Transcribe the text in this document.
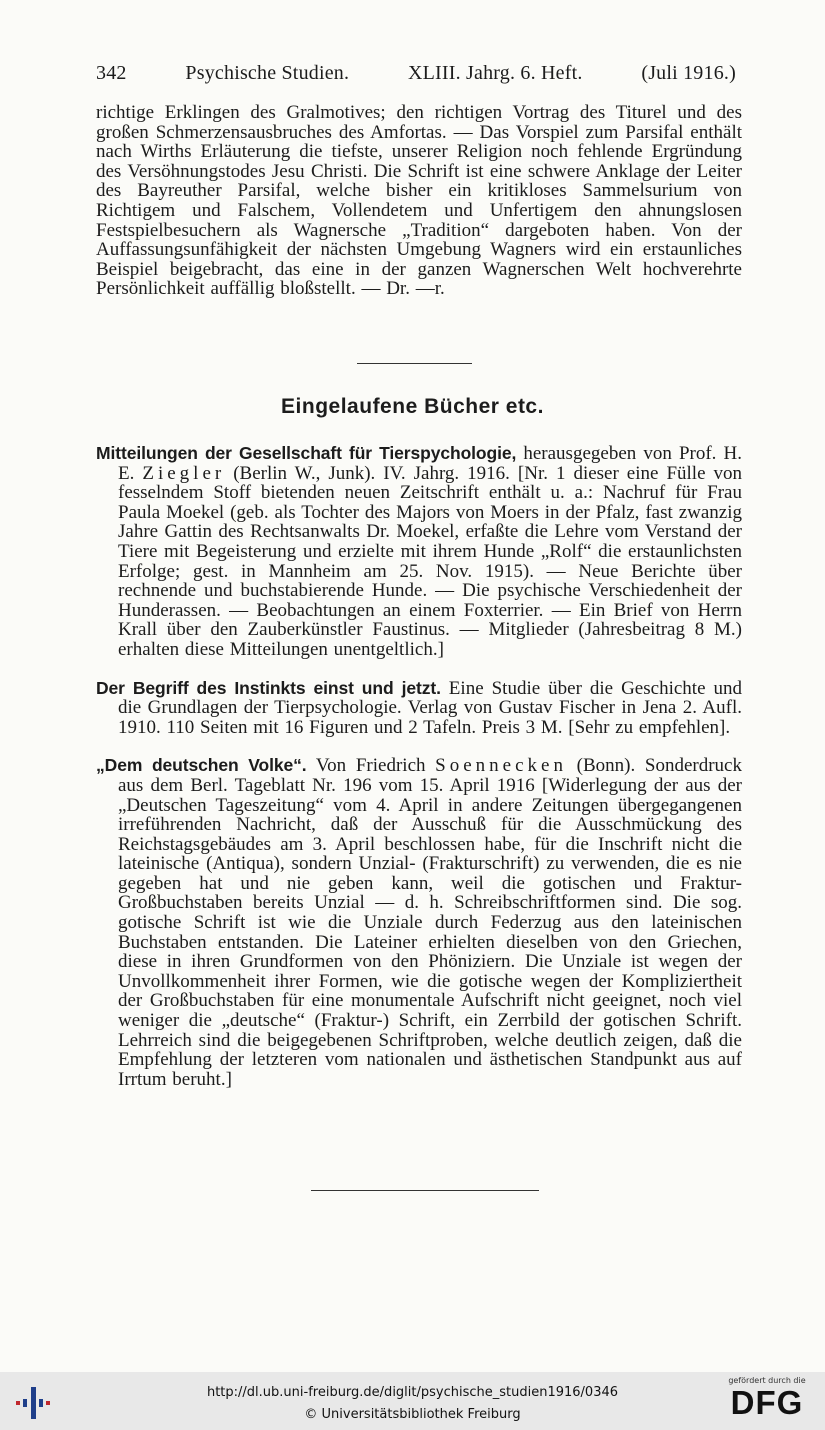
342	Psychische Studien.	XLIII. Jahrg. 6. Heft.	(Juli 1916.)
richtige Erklingen des Gralmotives; den richtigen Vortrag des Titurel und des großen Schmerzensausbruches des Amfortas. — Das Vorspiel zum Parsifal enthält nach Wirths Erläuterung die tiefste, unserer Religion noch fehlende Ergründung des Versöhnungstodes Jesu Christi. Die Schrift ist eine schwere Anklage der Leiter des Bayreuther Parsifal, welche bisher ein kritikloses Sammelsurium von Richtigem und Falschem, Vollendetem und Unfertigem den ahnungslosen Festspielbesuchern als Wagnersche „Tradition“ dargeboten haben. Von der Auffassungsunfähigkeit der nächsten Umgebung Wagners wird ein erstaunliches Beispiel beigebracht, das eine in der ganzen Wagnerschen Welt hochverehrte Persönlichkeit auffällig bloßstellt. — Dr. —r.
Eingelaufene Bücher etc.

Mitteilungen der Gesellschaft für Tierspychologie, herausgegeben von Prof. H. E. Ziegler (Berlin W., Junk). IV. Jahrg. 1916. [Nr. 1 dieser eine Fülle von fesselndem Stoff bietenden neuen Zeitschrift enthält u. a.: Nachruf für Frau Paula Moekel (geb. als Tochter des Majors von Moers in der Pfalz, fast zwanzig Jahre Gattin des Rechtsanwalts Dr. Moekel, erfaßte die Lehre vom Verstand der Tiere mit Begeisterung und erzielte mit ihrem Hunde „Rolf“ die erstaunlichsten Erfolge; gest. in Mannheim am 25. Nov. 1915). — Neue Berichte über rechnende und buchstabierende Hunde. — Die psychische Verschiedenheit der Hunderassen. — Beobachtungen an einem Foxterrier. — Ein Brief von Herrn Krall über den Zauberkünstler Faustinus. — Mitglieder (Jahresbeitrag 8 M.) erhalten diese Mitteilungen unentgeltlich.]

Der Begriff des Instinkts einst und jetzt. Eine Studie über die Geschichte und die Grundlagen der Tierpsychologie. Verlag von Gustav Fischer in Jena 2. Aufl. 1910. 110 Seiten mit 16 Figuren und 2 Tafeln. Preis 3 M. [Sehr zu empfehlen].

„Dem deutschen Volke“. Von Friedrich Soennecken (Bonn). Sonderdruck aus dem Berl. Tageblatt Nr. 196 vom 15. April 1916 [Widerlegung der aus der „Deutschen Tageszeitung“ vom 4. April in andere Zeitungen übergegangenen irreführenden Nachricht, daß der Ausschuß für die Ausschmückung des Reichstagsgebäudes am 3. April beschlossen habe, für die Inschrift nicht die lateinische (Antiqua), sondern Unzial- (Frakturschrift) zu verwenden, die es nie gegeben hat und nie geben kann, weil die gotischen und Fraktur-Großbuchstaben bereits Unzial — d. h. Schreibschriftformen sind. Die sog. gotische Schrift ist wie die Unziale durch Federzug aus den lateinischen Buchstaben entstanden. Die Lateiner erhielten dieselben von den Griechen, diese in ihren Grundformen von den Phöniziern. Die Unziale ist wegen der Unvollkommenheit ihrer Formen, wie die gotische wegen der Kompliziertheit der Großbuchstaben für eine monumentale Aufschrift nicht geeignet, noch viel weniger die „deutsche“ (Fraktur-) Schrift, ein Zerrbild der gotischen Schrift. Lehrreich sind die beigegebenen Schriftproben, welche deutlich zeigen, daß die Empfehlung der letzteren vom nationalen und ästhetischen Standpunkt aus auf Irrtum beruht.]

http://dl.ub.uni-freiburg.de/diglit/psychische_studien1916/0346
© Universitätsbibliothek Freiburg
gefördert durch die
DFG
